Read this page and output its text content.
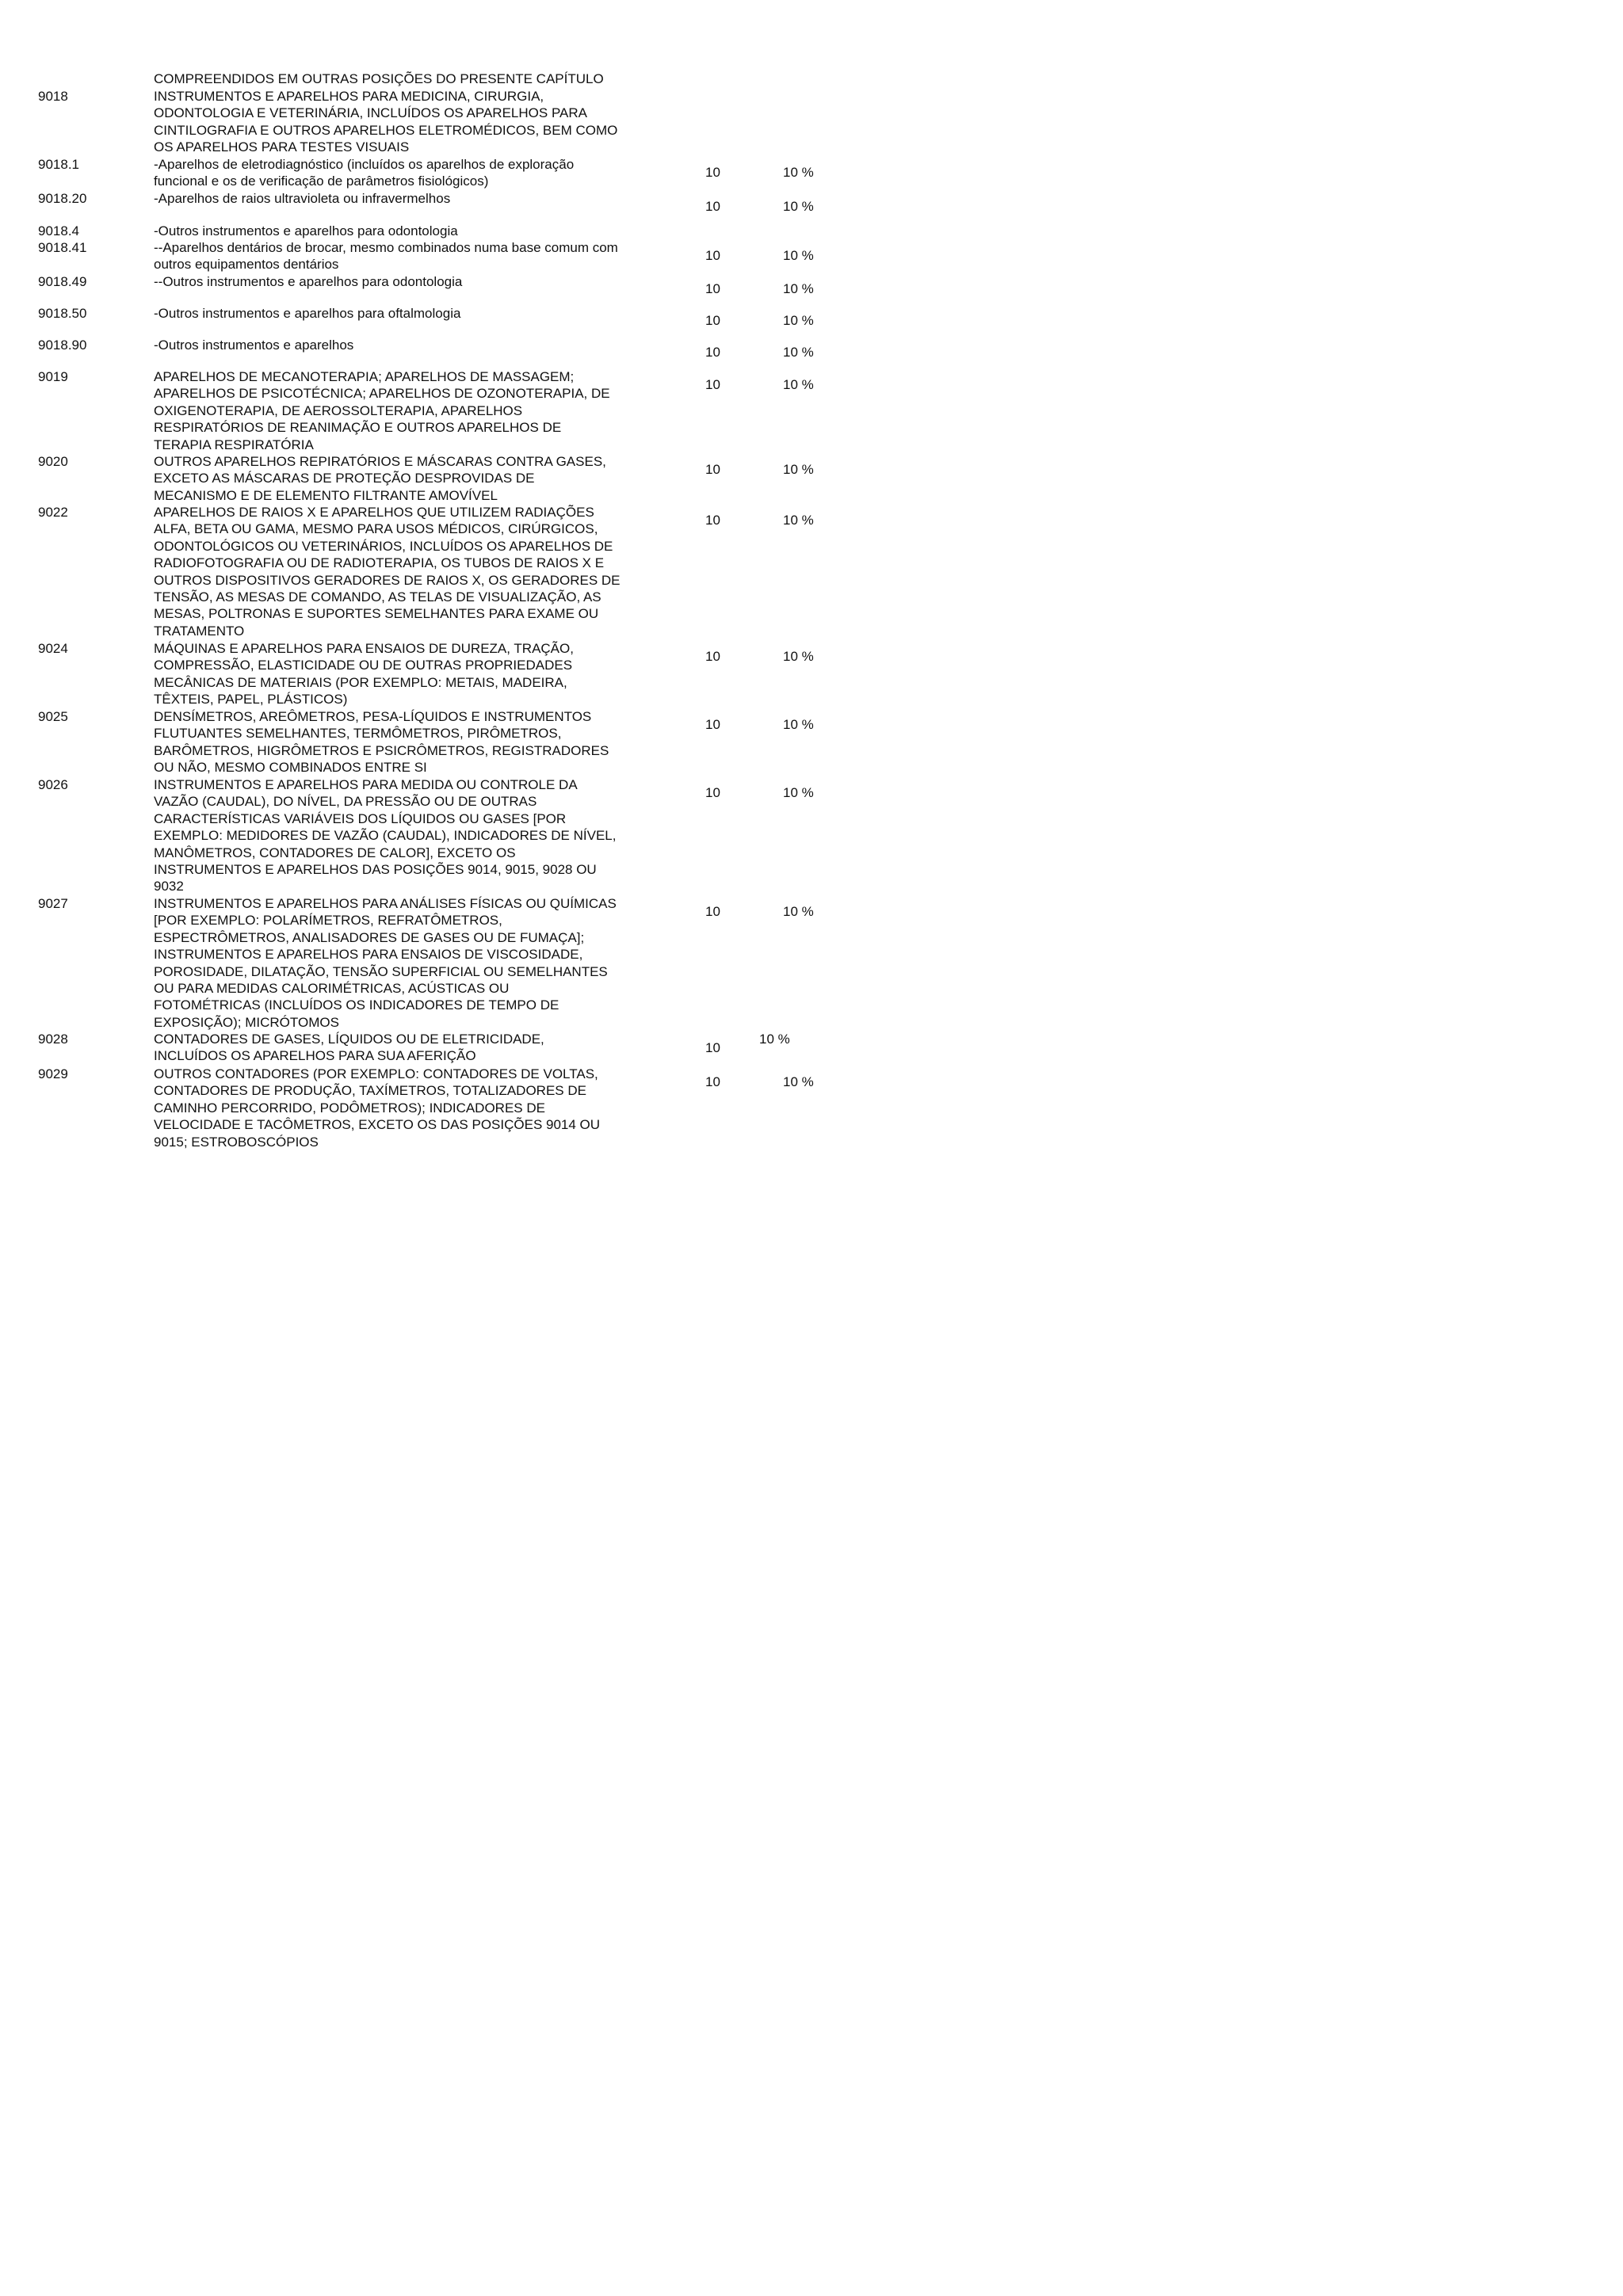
COMPREENDIDOS EM OUTRAS POSIÇÕES DO PRESENTE CAPÍTULO
9018	INSTRUMENTOS E APARELHOS PARA MEDICINA, CIRURGIA,
ODONTOLOGIA E VETERINÁRIA, INCLUÍDOS OS APARELHOS PARA
CINTILOGRAFIA E OUTROS APARELHOS ELETROMÉDICOS, BEM COMO
OS APARELHOS PARA TESTES VISUAIS
9018.1	-Aparelhos de eletrodiagnóstico (incluídos os aparelhos de exploração
funcional e os de verificação de parâmetros fisiológicos)
10	10 %
9018.20	-Aparelhos de raios ultravioleta ou infravermelhos
10	10 %
9018.4	-Outros instrumentos e aparelhos para odontologia
9018.41	--Aparelhos dentários de brocar, mesmo combinados numa base comum com
outros equipamentos dentários
10	10 %
9018.49	--Outros instrumentos e aparelhos para odontologia	10	10 %
9018.50	-Outros instrumentos e aparelhos para oftalmologia	10	10 %
9018.90	-Outros instrumentos e aparelhos	10	10 %
9019	APARELHOS DE MECANOTERAPIA; APARELHOS DE MASSAGEM;
APARELHOS DE PSICOTÉCNICA; APARELHOS DE OZONOTERAPIA, DE
OXIGENOTERAPIA, DE AEROSSOLTERAPIA, APARELHOS
RESPIRATÓRIOS DE REANIMAÇÃO E OUTROS APARELHOS DE
TERAPIA RESPIRATÓRIA
10	10 %
9020	OUTROS APARELHOS REPIRATÓRIOS E MÁSCARAS CONTRA GASES,
EXCETO AS MÁSCARAS DE PROTEÇÃO DESPROVIDAS DE
MECANISMO E DE ELEMENTO FILTRANTE AMOVÍVEL
10	10 %
9022	APARELHOS DE RAIOS X E APARELHOS QUE UTILIZEM RADIAÇÕES
ALFA, BETA OU GAMA, MESMO PARA USOS MÉDICOS, CIRÚRGICOS,
ODONTOLÓGICOS OU VETERINÁRIOS, INCLUÍDOS OS APARELHOS DE
RADIOFOTOGRAFIA OU DE RADIOTERAPIA, OS TUBOS DE RAIOS X E
OUTROS DISPOSITIVOS GERADORES DE RAIOS X, OS GERADORES DE
TENSÃO, AS MESAS DE COMANDO, AS TELAS DE VISUALIZAÇÃO, AS
MESAS, POLTRONAS E SUPORTES SEMELHANTES PARA EXAME OU
TRATAMENTO
10	10 %
9024	MÁQUINAS E APARELHOS PARA ENSAIOS DE DUREZA, TRAÇÃO,
COMPRESSÃO, ELASTICIDADE OU DE OUTRAS PROPRIEDADES
MECÂNICAS DE MATERIAIS (POR EXEMPLO: METAIS, MADEIRA,
TÊXTEIS, PAPEL, PLÁSTICOS)
10	10 %
9025	DENSÍMETROS, AREÔMETROS, PESA-LÍQUIDOS E INSTRUMENTOS
FLUTUANTES SEMELHANTES, TERMÔMETROS, PIRÔMETROS,
BARÔMETROS, HIGRÔMETROS E PSICRÔMETROS, REGISTRADORES
OU NÃO, MESMO COMBINADOS ENTRE SI
10	10 %
9026	INSTRUMENTOS E APARELHOS PARA MEDIDA OU CONTROLE DA
VAZÃO (CAUDAL), DO NÍVEL, DA PRESSÃO OU DE OUTRAS
CARACTERÍSTICAS VARIÁVEIS DOS LÍQUIDOS OU GASES [POR
EXEMPLO: MEDIDORES DE VAZÃO (CAUDAL), INDICADORES DE NÍVEL,
MANÔMETROS, CONTADORES DE CALOR], EXCETO OS
INSTRUMENTOS E APARELHOS DAS POSIÇÕES 9014, 9015, 9028 OU
9032
10	10 %
9027	INSTRUMENTOS E APARELHOS PARA ANÁLISES FÍSICAS OU QUÍMICAS
[POR EXEMPLO: POLARÍMETROS, REFRATÔMETROS,
ESPECTRÔMETROS, ANALISADORES DE GASES OU DE FUMAÇA];
INSTRUMENTOS E APARELHOS PARA ENSAIOS DE VISCOSIDADE,
POROSIDADE, DILATAÇÃO, TENSÃO SUPERFICIAL OU SEMELHANTES
OU PARA MEDIDAS CALORIMÉTRICAS, ACÚSTICAS OU
FOTOMÉTRICAS (INCLUÍDOS OS INDICADORES DE TEMPO DE
EXPOSIÇÃO); MICRÓTOMOS
10	10 %
9028	CONTADORES DE GASES, LÍQUIDOS OU DE ELETRICIDADE,
INCLUÍDOS OS APARELHOS PARA SUA AFERIÇÃO
10
10 %
9029	OUTROS CONTADORES (POR EXEMPLO: CONTADORES DE VOLTAS,
CONTADORES DE PRODUÇÃO, TAXÍMETROS, TOTALIZADORES DE
CAMINHO PERCORRIDO, PODÔMETROS); INDICADORES DE
VELOCIDADE E TACÔMETROS, EXCETO OS DAS POSIÇÕES 9014 OU
9015; ESTROBOSCÓPIOS
10	10 %
